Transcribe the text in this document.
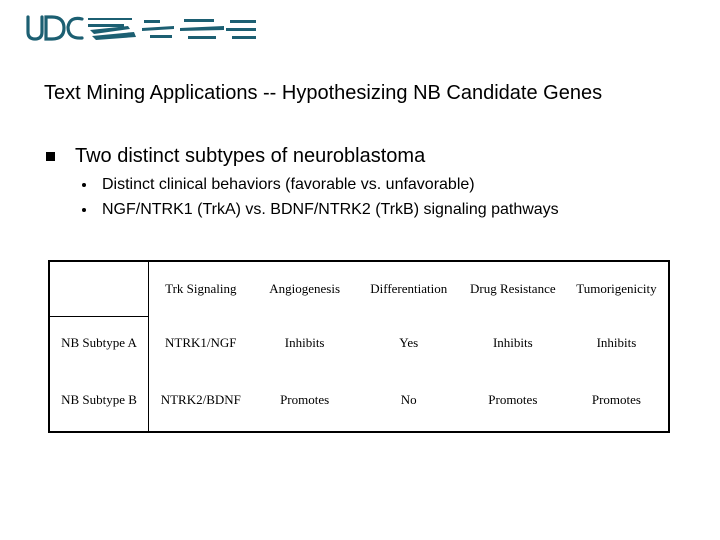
Text Mining Applications -- Hypothesizing NB Candidate Genes
Two distinct subtypes of neuroblastoma
Distinct clinical behaviors (favorable vs. unfavorable)
NGF/NTRK1 (TrkA) vs. BDNF/NTRK2 (TrkB) signaling pathways
	Trk Signaling	Angiogenesis	Differentiation	Drug Resistance	Tumorigenicity
NB Subtype A	NTRK1/NGF	Inhibits	Yes	Inhibits	Inhibits
NB Subtype B	NTRK2/BDNF	Promotes	No	Promotes	Promotes
